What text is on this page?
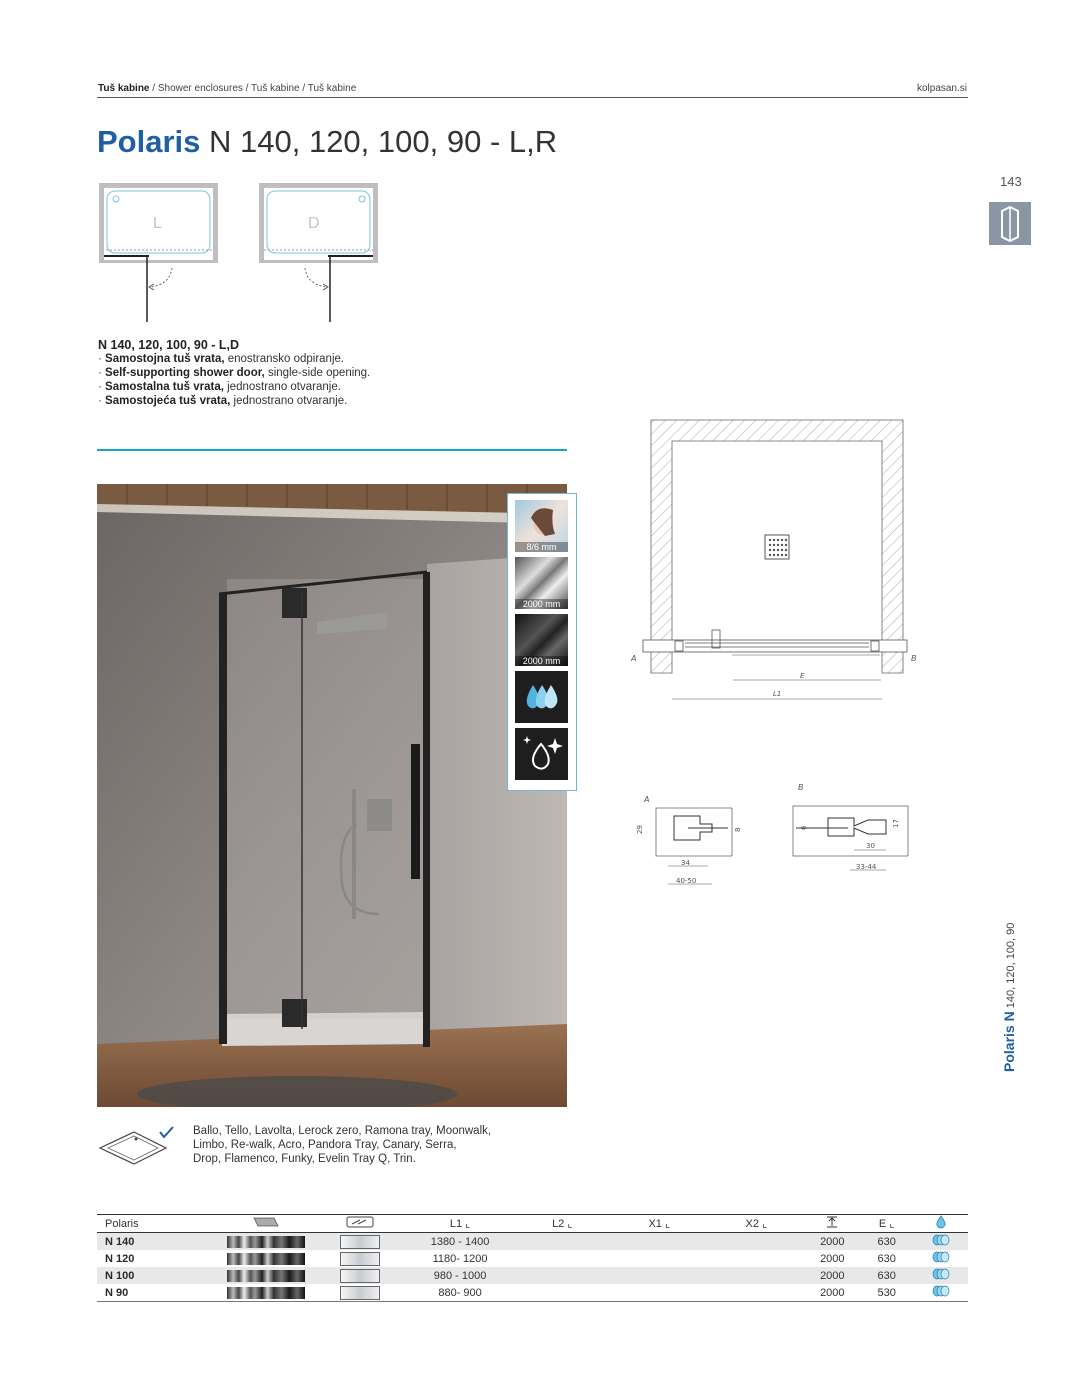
Tuš kabine / Shower enclosures / Tuš kabine / Tuš kabine	kolpasan.si
Polaris N 140, 120, 100, 90 - L,R
143
Polaris N 140, 120, 100, 90
L	D
N 140, 120, 100, 90 - L,D
· Samostojna tuš vrata, enostransko odpiranje.
· Self-supporting shower door, single-side opening.
· Samostalna tuš vrata, jednostrano otvaranje.
· Samostojeća tuš vrata, jednostrano otvaranje.
8/6 mm
2000 mm
2000 mm	A	B
E
L1
A
29	8
34
40-50
B
6	17
30
33-44
Ballo, Tello, Lavolta, Lerock zero, Ramona tray, Moonwalk,
Limbo, Re-walk, Acro, Pandora Tray, Canary, Serra,
Drop, Flamenco, Funky, Evelin Tray Q, Trin.
Polaris			L1 ⌞	L2 ⌞	X1 ⌞	X2 ⌞		E ⌞	
N 140			1380 - 1400				2000	630	
N 120			1180- 1200				2000	630	
N 100			980 - 1000				2000	630	
N 90			880- 900				2000	530	
